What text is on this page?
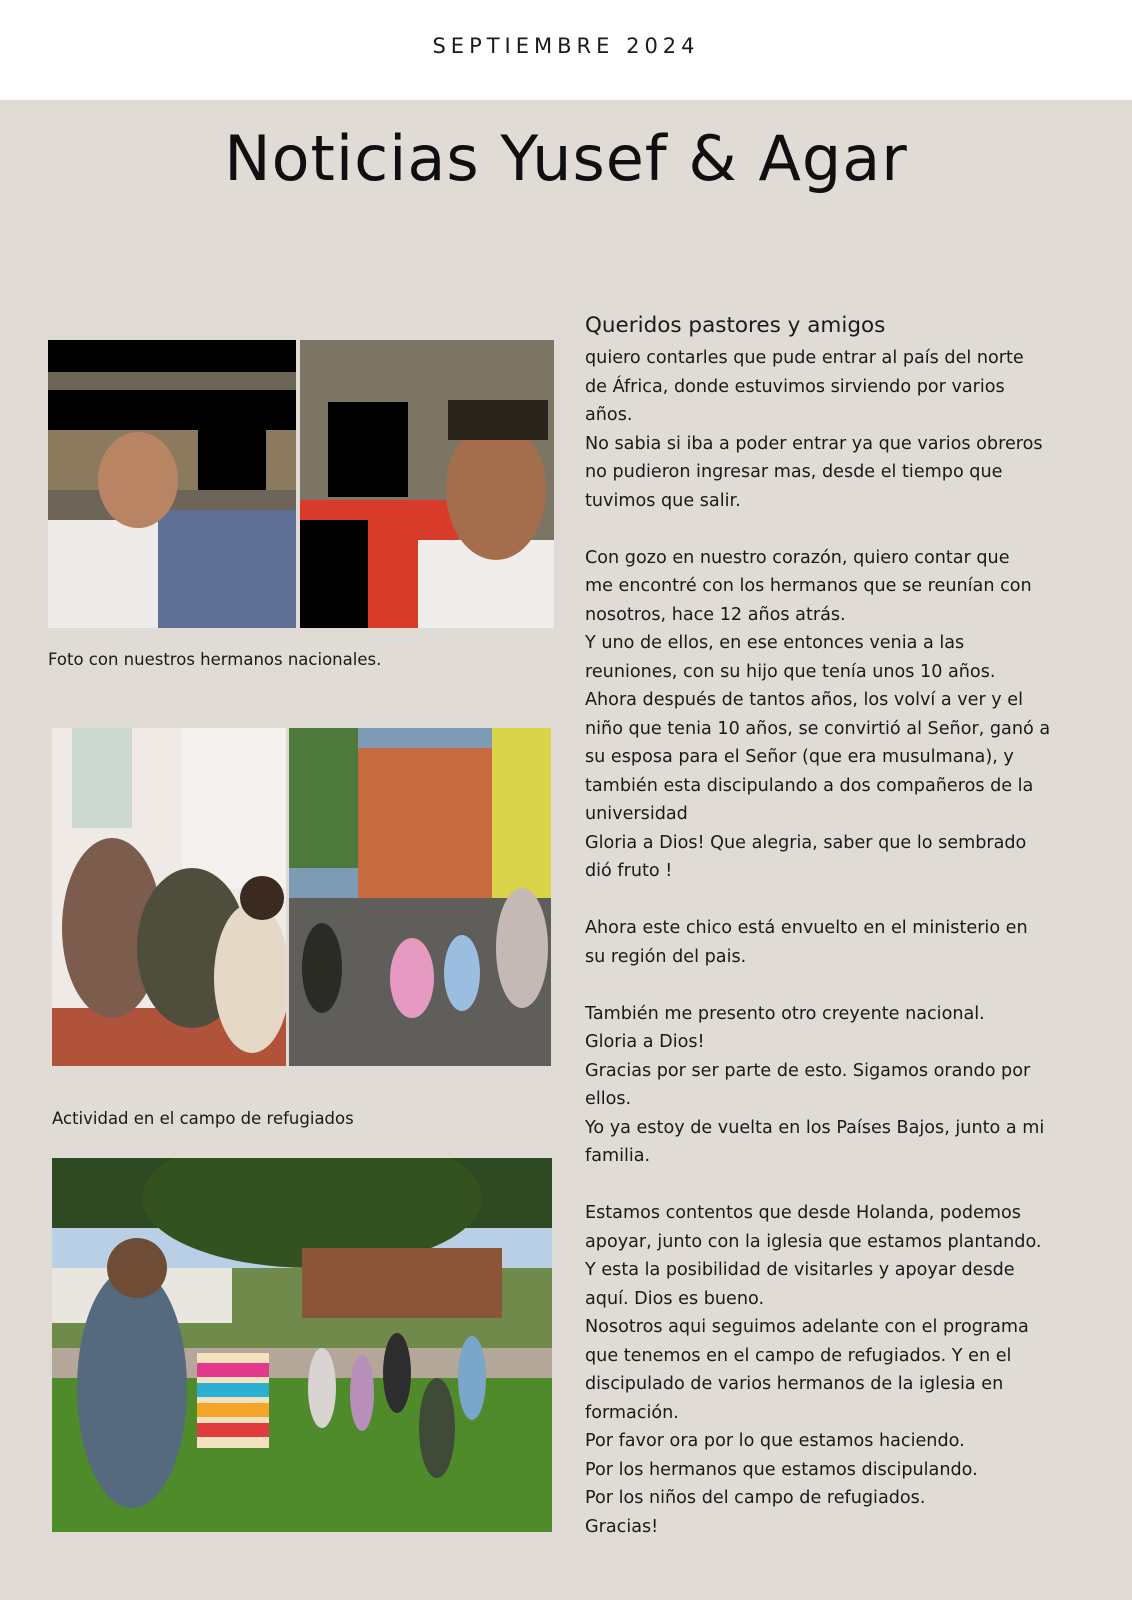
SEPTIEMBRE 2024
Noticias Yusef & Agar
Foto con nuestros hermanos nacionales.
Actividad en el campo de refugiados
Queridos pastores y amigos
quiero contarles que pude entrar al país del norte
de África, donde estuvimos sirviendo por varios
años.
No sabia si iba a poder entrar ya que varios obreros
no pudieron ingresar mas, desde el tiempo que
tuvimos que salir.
Con gozo en nuestro corazón, quiero contar que
me encontré con los hermanos que se reunían con
nosotros, hace 12 años atrás.
Y uno de ellos, en ese entonces venia a las
reuniones, con su hijo que tenía unos 10 años.
Ahora después de tantos años, los volví a ver y el
niño que tenia 10 años, se convirtió al Señor, ganó a
su esposa para el Señor (que era musulmana), y
también esta discipulando a dos compañeros de la
universidad
Gloria a Dios! Que alegria, saber que lo sembrado
dió fruto !
Ahora este chico está envuelto en el ministerio en
su región del pais.
También me presento otro creyente nacional.
Gloria a Dios!
Gracias por ser parte de esto. Sigamos orando por
ellos.
Yo ya estoy de vuelta en los Países Bajos, junto a mi
familia.
Estamos contentos que desde Holanda, podemos
apoyar, junto con la iglesia que estamos plantando.
Y esta la posibilidad de visitarles y apoyar desde
aquí. Dios es bueno.
Nosotros aqui seguimos adelante con el programa
que tenemos en el campo de refugiados. Y en el
discipulado de varios hermanos de la iglesia en
formación.
Por favor ora por lo que estamos haciendo.
Por los hermanos que estamos discipulando.
Por los niños del campo de refugiados.
Gracias!
